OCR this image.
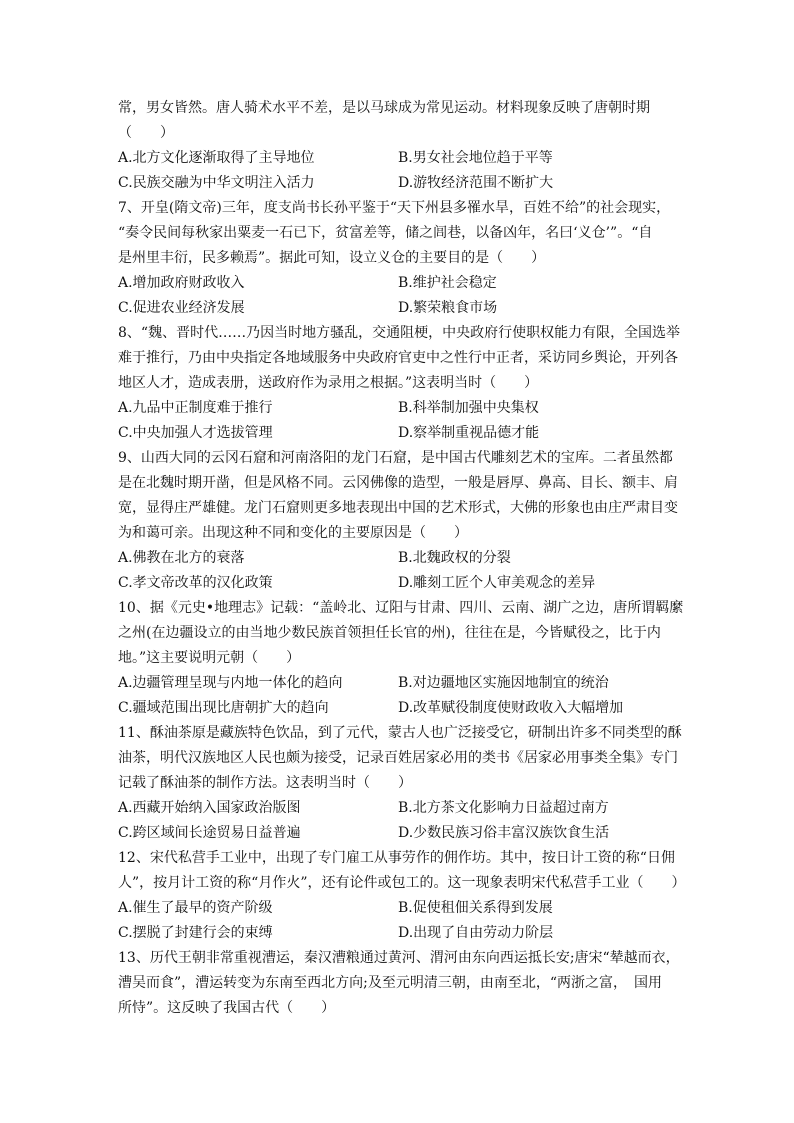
常，男女皆然。唐人骑术水平不差，是以马球成为常见运动。材料现象反映了唐朝时期
（　　）
A.北方文化逐渐取得了主导地位	B.男女社会地位趋于平等
C.民族交融为中华文明注入活力	D.游牧经济范围不断扩大
7、开皇(隋文帝)三年，度支尚书长孙平鉴于“天下州县多罹水旱，百姓不给”的社会现实，
“奏令民间每秋家出粟麦一石已下，贫富差等，储之闾巷，以备凶年，名曰‘义仓’”。“自
是州里丰衍，民多赖焉”。据此可知，设立义仓的主要目的是（　　）
A.增加政府财政收入	B.维护社会稳定
C.促进农业经济发展	D.繁荣粮食市场
8、“魏、晋时代……乃因当时地方骚乱，交通阻梗，中央政府行使职权能力有限，全国选举
难于推行，乃由中央指定各地域服务中央政府官吏中之性行中正者，采访同乡舆论，开列各
地区人才，造成表册，送政府作为录用之根据。”这表明当时（　　）
A.九品中正制度难于推行	B.科举制加强中央集权
C.中央加强人才选拔管理	D.察举制重视品德才能
9、山西大同的云冈石窟和河南洛阳的龙门石窟，是中国古代雕刻艺术的宝库。二者虽然都
是在北魏时期开凿，但是风格不同。云冈佛像的造型，一般是唇厚、鼻高、目长、额丰、肩
宽，显得庄严雄健。龙门石窟则更多地表现出中国的艺术形式，大佛的形象也由庄严肃目变
为和蔼可亲。出现这种不同和变化的主要原因是（　　）
A.佛教在北方的衰落	B.北魏政权的分裂
C.孝文帝改革的汉化政策	D.雕刻工匠个人审美观念的差异
10、据《元史•地理志》记载：“盖岭北、辽阳与甘肃、四川、云南、湖广之边，唐所谓羁縻
之州(在边疆设立的由当地少数民族首领担任长官的州)，往往在是，今皆赋役之，比于内
地。”这主要说明元朝（　　）
A.边疆管理呈现与内地一体化的趋向	B.对边疆地区实施因地制宜的统治
C.疆域范围出现比唐朝扩大的趋向	D.改革赋役制度使财政收入大幅增加
11、酥油茶原是藏族特色饮品，到了元代，蒙古人也广泛接受它，研制出许多不同类型的酥
油茶，明代汉族地区人民也颇为接受，记录百姓居家必用的类书《居家必用事类全集》专门
记载了酥油茶的制作方法。这表明当时（　　）
A.西藏开始纳入国家政治版图	B.北方茶文化影响力日益超过南方
C.跨区域间长途贸易日益普遍	D.少数民族习俗丰富汉族饮食生活
12、宋代私营手工业中，出现了专门雇工从事劳作的佣作坊。其中，按日计工资的称“日佣
人”，按月计工资的称“月作火”，还有论件或包工的。这一现象表明宋代私营手工业（　　）
A.催生了最早的资产阶级	B.促使租佃关系得到发展
C.摆脱了封建行会的束缚	D.出现了自由劳动力阶层
13、历代王朝非常重视漕运，秦汉漕粮通过黄河、渭河由东向西运抵长安;唐宋“辇越而衣，
漕吴而食”，漕运转变为东南至西北方向;及至元明清三朝，由南至北，“两浙之富，　国用
所恃”。这反映了我国古代（　　）
